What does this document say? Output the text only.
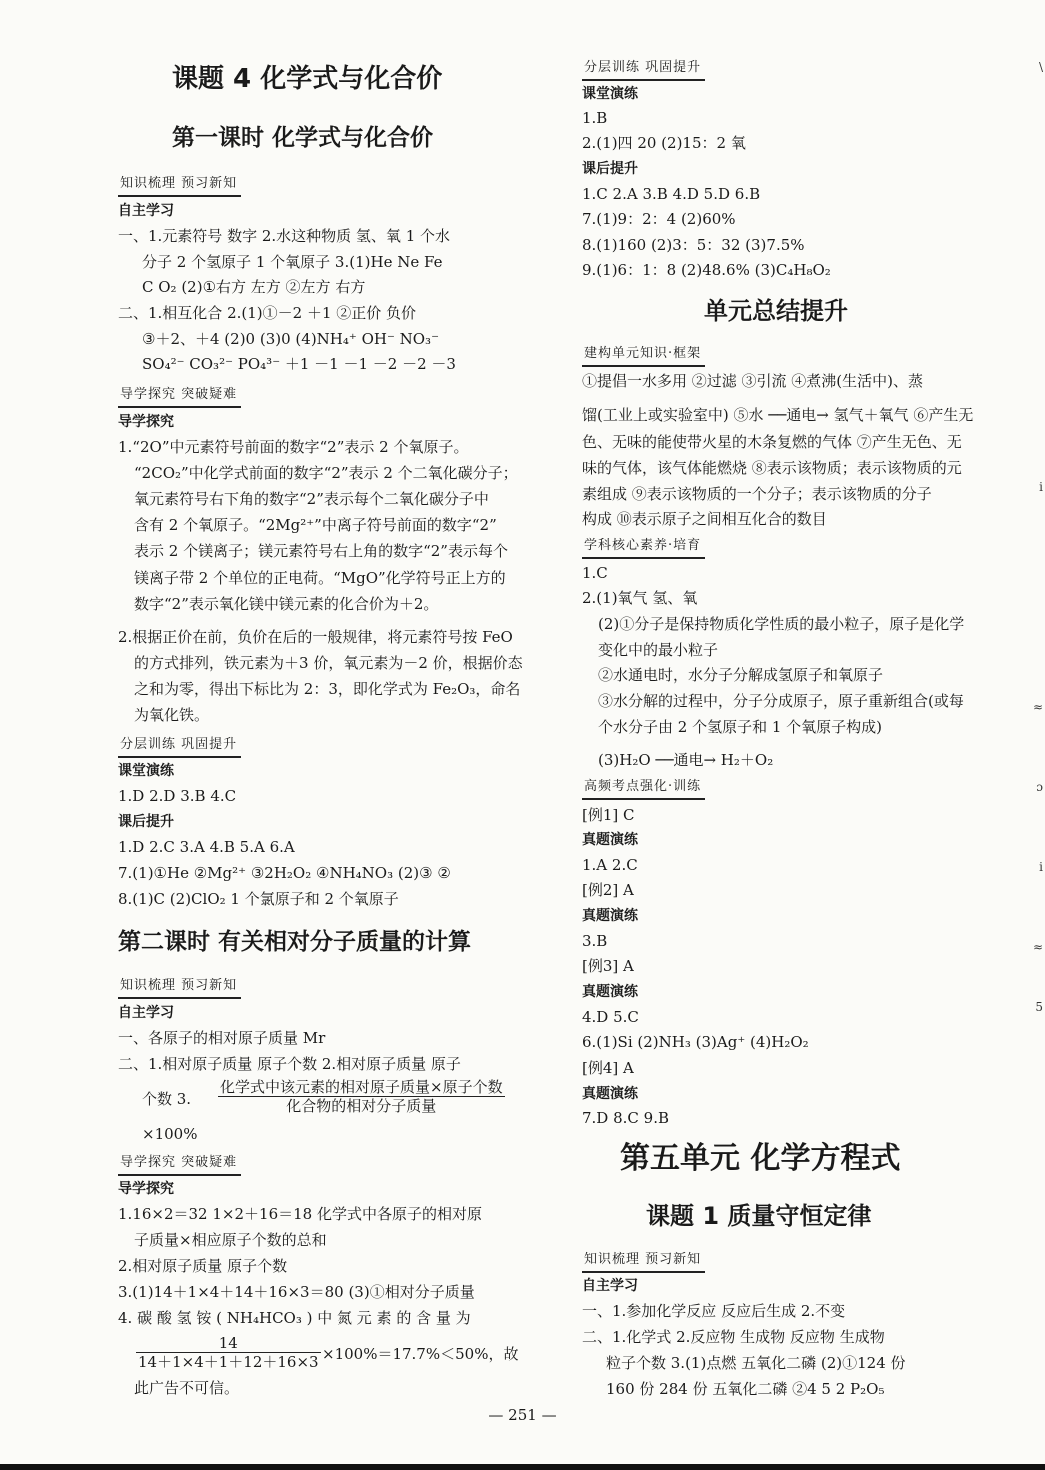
课题 4 化学式与化合价
第一课时 化学式与化合价
知识梳理 预习新知
自主学习
一、1.元素符号 数字 2.水这种物质 氢、氧 1 个水
分子 2 个氢原子 1 个氧原子 3.(1)He Ne Fe
C O₂ (2)①右方 左方 ②左方 右方
二、1.相互化合 2.(1)①－2 ＋1 ②正价 负价
③＋2、＋4 (2)0 (3)0 (4)NH₄⁺ OH⁻ NO₃⁻
SO₄²⁻ CO₃²⁻ PO₄³⁻ ＋1 －1 －1 －2 －2 －3
导学探究 突破疑难
导学探究
1.“2O”中元素符号前面的数字“2”表示 2 个氧原子。
“2CO₂”中化学式前面的数字“2”表示 2 个二氧化碳分子；
氧元素符号右下角的数字“2”表示每个二氧化碳分子中
含有 2 个氧原子。“2Mg²⁺”中离子符号前面的数字“2”
表示 2 个镁离子；镁元素符号右上角的数字“2”表示每个
镁离子带 2 个单位的正电荷。“MgO”化学符号正上方的
数字“2”表示氧化镁中镁元素的化合价为＋2。
2.根据正价在前，负价在后的一般规律，将元素符号按 FeO
的方式排列，铁元素为＋3 价，氧元素为－2 价，根据价态
之和为零，得出下标比为 2：3，即化学式为 Fe₂O₃，命名
为氧化铁。
分层训练 巩固提升
课堂演练
1.D 2.D 3.B 4.C
课后提升
1.D 2.C 3.A 4.B 5.A 6.A
7.(1)①He ②Mg²⁺ ③2H₂O₂ ④NH₄NO₃ (2)③ ②
8.(1)C (2)ClO₂ 1 个氯原子和 2 个氧原子
第二课时 有关相对分子质量的计算
知识梳理 预习新知
自主学习
一、各原子的相对原子质量 Mr
二、1.相对原子质量 原子个数 2.相对原子质量 原子
个数 3.
×100%
导学探究 突破疑难
导学探究
1.16×2＝32 1×2＋16＝18 化学式中各原子的相对原
子质量×相应原子个数的总和
2.相对原子质量 原子个数
3.(1)14＋1×4＋14＋16×3＝80 (3)①相对分子质量
4. 碳 酸 氢 铵 ( NH₄HCO₃ ) 中 氮 元 素 的 含 量 为
×100%＝17.7%＜50%，故
此广告不可信。
化学式中该元素的相对原子质量×原子个数
化合物的相对分子质量
$\frac{14}{14+1\times 4+1+12+16\times 3}$
分层训练 巩固提升
课堂演练
1.B
2.(1)四 20 (2)15：2 氧
课后提升
1.C 2.A 3.B 4.D 5.D 6.B
7.(1)9：2：4 (2)60%
8.(1)160 (2)3：5：32 (3)7.5%
9.(1)6：1：8 (2)48.6% (3)C₄H₈O₂
单元总结提升
建构单元知识·框架
①提倡一水多用 ②过滤 ③引流 ④煮沸(生活中)、蒸
馏(工业上或实验室中) ⑤水 ──通电→ 氢气＋氧气 ⑥产生无
色、无味的能使带火星的木条复燃的气体 ⑦产生无色、无
味的气体，该气体能燃烧 ⑧表示该物质；表示该物质的元
素组成 ⑨表示该物质的一个分子；表示该物质的分子
构成 ⑩表示原子之间相互化合的数目
学科核心素养·培育
1.C
2.(1)氧气 氢、氧
(2)①分子是保持物质化学性质的最小粒子，原子是化学
变化中的最小粒子
②水通电时，水分子分解成氢原子和氧原子
③水分解的过程中，分子分成原子，原子重新组合(或每
个水分子由 2 个氢原子和 1 个氧原子构成)
(3)H₂O ──通电→ H₂＋O₂
高频考点强化·训练
[例1] C
真题演练
1.A 2.C
[例2] A
真题演练
3.B
[例3] A
真题演练
4.D 5.C
6.(1)Si (2)NH₃ (3)Ag⁺ (4)H₂O₂
[例4] A
真题演练
7.D 8.C 9.B
第五单元 化学方程式
课题 1 质量守恒定律
知识梳理 预习新知
自主学习
一、1.参加化学反应 反应后生成 2.不变
二、1.化学式 2.反应物 生成物 反应物 生成物
粒子个数 3.(1)点燃 五氧化二磷 (2)①124 份
160 份 284 份 五氧化二磷 ②4 5 2 P₂O₅
— 251 —
\
i
≈
ɔ
i
≈
5
